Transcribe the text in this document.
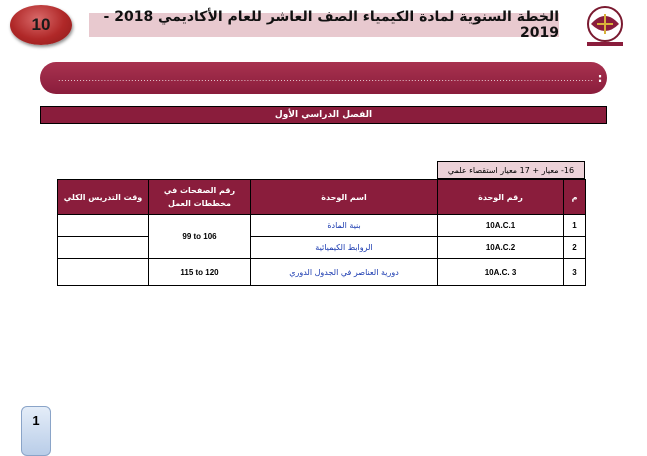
10	الخطة السنوية لمادة الكيمياء الصف العاشر للعام الأكاديمي 2018 - 2019
مدرسة :
................................................................................................................................................................................
الفصل الدراسي الأول
16- معيار + 17 معيار استقصاء علمي
وقت التدريس الكلي	رقم الصفحات في مخططات العمل	اسم الوحدة	رقم الوحدة	م
	99 to 106	بنية المادة	10A.C.1	1
		الروابط الكيميائية	10A.C.2	2
	115 to 120	دورية العناصر في الجدول الدوري	10A.C. 3	3
1
